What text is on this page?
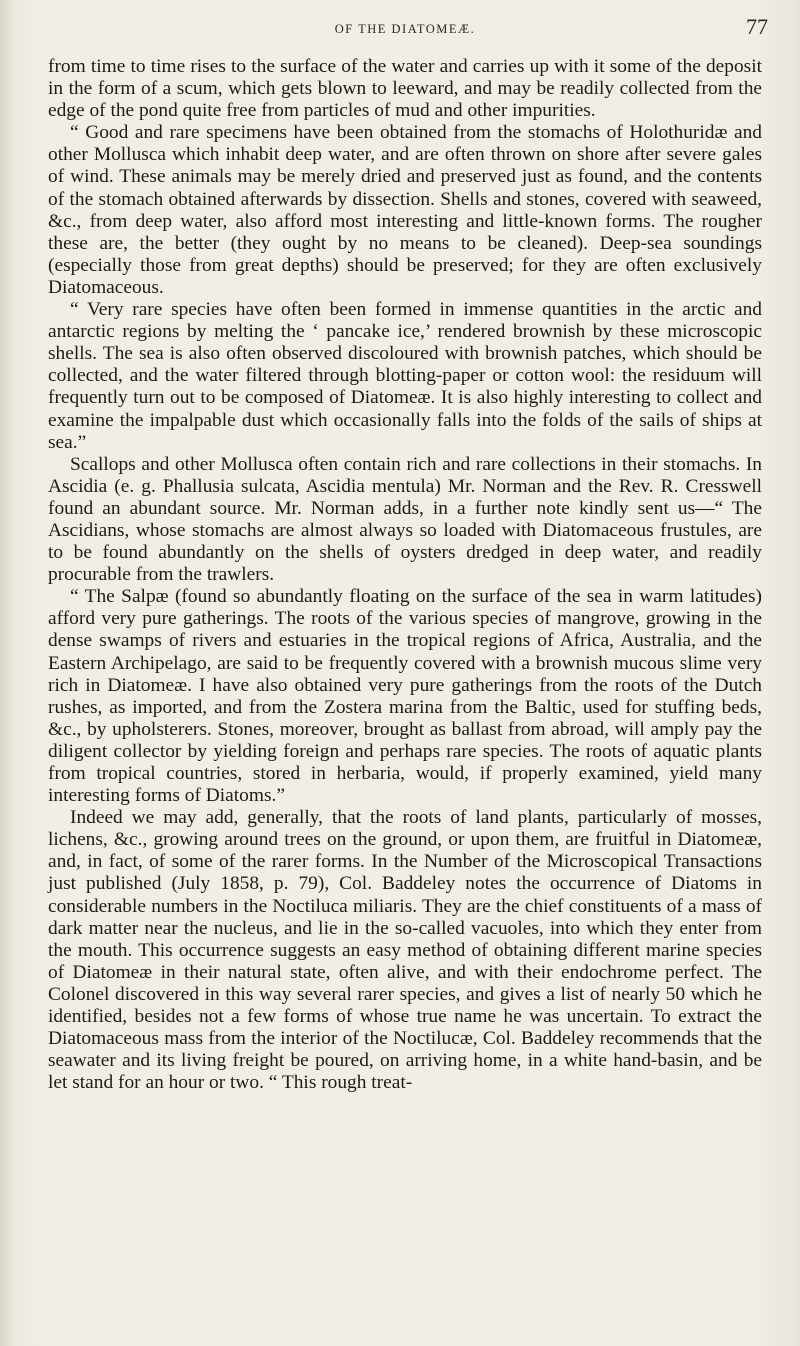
OF THE DIATOMEÆ.	77

from time to time rises to the surface of the water and carries up with it some of the deposit in the form of a scum, which gets blown to leeward, and may be readily collected from the edge of the pond quite free from particles of mud and other impurities.

“ Good and rare specimens have been obtained from the stomachs of Holothuridæ and other Mollusca which inhabit deep water, and are often thrown on shore after severe gales of wind. These animals may be merely dried and preserved just as found, and the contents of the stomach obtained afterwards by dissection. Shells and stones, covered with seaweed, &c., from deep water, also afford most interesting and little-known forms. The rougher these are, the better (they ought by no means to be cleaned). Deep-sea soundings (especially those from great depths) should be preserved; for they are often exclusively Diatomaceous.

“ Very rare species have often been formed in immense quantities in the arctic and antarctic regions by melting the ‘ pancake ice,’ rendered brownish by these microscopic shells. The sea is also often observed discoloured with brownish patches, which should be collected, and the water filtered through blotting-paper or cotton wool: the residuum will frequently turn out to be composed of Diatomeæ. It is also highly interesting to collect and examine the impalpable dust which occasionally falls into the folds of the sails of ships at sea.”

Scallops and other Mollusca often contain rich and rare collections in their stomachs. In Ascidia (e. g. Phallusia sulcata, Ascidia mentula) Mr. Norman and the Rev. R. Cresswell found an abundant source. Mr. Norman adds, in a further note kindly sent us—“ The Ascidians, whose stomachs are almost always so loaded with Diatomaceous frustules, are to be found abundantly on the shells of oysters dredged in deep water, and readily procurable from the trawlers.

“ The Salpæ (found so abundantly floating on the surface of the sea in warm latitudes) afford very pure gatherings. The roots of the various species of mangrove, growing in the dense swamps of rivers and estuaries in the tropical regions of Africa, Australia, and the Eastern Archipelago, are said to be frequently covered with a brownish mucous slime very rich in Diatomeæ. I have also obtained very pure gatherings from the roots of the Dutch rushes, as imported, and from the Zostera marina from the Baltic, used for stuffing beds, &c., by upholsterers. Stones, moreover, brought as ballast from abroad, will amply pay the diligent collector by yielding foreign and perhaps rare species. The roots of aquatic plants from tropical countries, stored in herbaria, would, if properly examined, yield many interesting forms of Diatoms.”

Indeed we may add, generally, that the roots of land plants, particularly of mosses, lichens, &c., growing around trees on the ground, or upon them, are fruitful in Diatomeæ, and, in fact, of some of the rarer forms. In the Number of the Microscopical Transactions just published (July 1858, p. 79), Col. Baddeley notes the occurrence of Diatoms in considerable numbers in the Noctiluca miliaris. They are the chief constituents of a mass of dark matter near the nucleus, and lie in the so-called vacuoles, into which they enter from the mouth. This occurrence suggests an easy method of obtaining different marine species of Diatomeæ in their natural state, often alive, and with their endochrome perfect. The Colonel discovered in this way several rarer species, and gives a list of nearly 50 which he identified, besides not a few forms of whose true name he was uncertain. To extract the Diatomaceous mass from the interior of the Noctilucæ, Col. Baddeley recommends that the seawater and its living freight be poured, on arriving home, in a white hand-basin, and be let stand for an hour or two. “ This rough treat-
